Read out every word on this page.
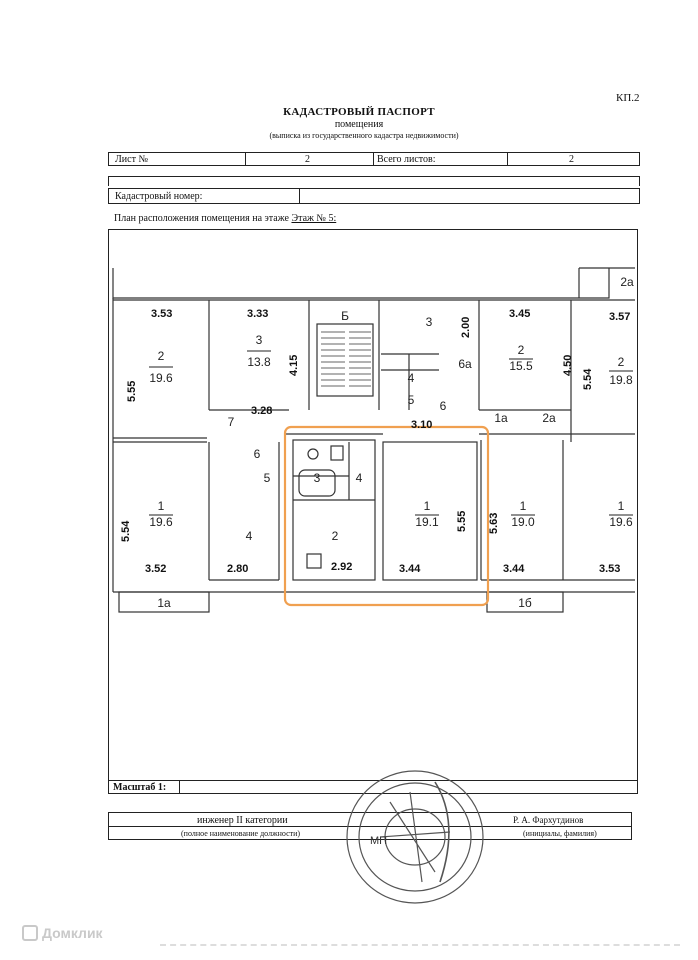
КП.2
КАДАСТРОВЫЙ ПАСПОРТ
помещения
(выписка из государственного кадастра недвижимости)
Лист №	2	Всего листов:	2
Кадастровый номер:
План расположения помещения на этаже Этаж № 5:
3.53	3.33	3.45	3.57
2.00
4.15	4.50
5.55
5.54
3.28
3.10
5.54	5.55 5.63
3.52	2.80	2.92	3.44	3.44	3.53
2
19.6
3
13.8
2
15.5	2
19.8
1
19.6
1
19.1
1
19.0
1
19.6
Б	3
4
6а
5 6
7	1а	2а
2а
6
5	3	4
4	2
1а	1б
Масштаб 1:
инженер II категории
(полное наименование должности)
Р. А. Фархутдинов
(инициалы, фамилия)
МП
Домклик
